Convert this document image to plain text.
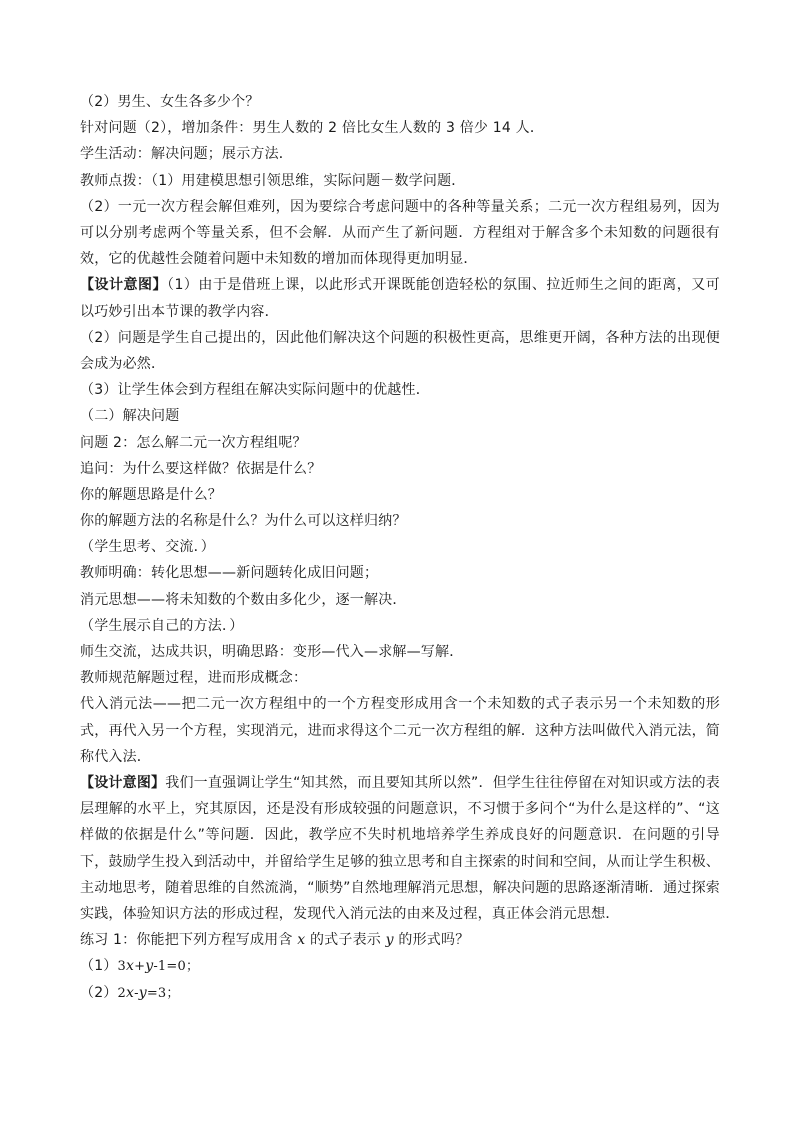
（2）男生、女生各多少个？
针对问题（2），增加条件：男生人数的 2 倍比女生人数的 3 倍少 14 人．
学生活动：解决问题；展示方法．
教师点拨：（1）用建模思想引领思维，实际问题－数学问题．
（2）一元一次方程会解但难列，因为要综合考虑问题中的各种等量关系；二元一次方程组易列，因为可以分别考虑两个等量关系，但不会解．从而产生了新问题．方程组对于解含多个未知数的问题很有效，它的优越性会随着问题中未知数的增加而体现得更加明显．
【设计意图】（1）由于是借班上课，以此形式开课既能创造轻松的氛围、拉近师生之间的距离，又可以巧妙引出本节课的教学内容．
（2）问题是学生自己提出的，因此他们解决这个问题的积极性更高，思维更开阔，各种方法的出现便会成为必然．
（3）让学生体会到方程组在解决实际问题中的优越性．
（二）解决问题
问题 2：怎么解二元一次方程组呢？
追问：为什么要这样做？依据是什么？
你的解题思路是什么？
你的解题方法的名称是什么？为什么可以这样归纳？
（学生思考、交流．）
教师明确：转化思想——新问题转化成旧问题；
消元思想——将未知数的个数由多化少，逐一解决．
（学生展示自己的方法．）
师生交流，达成共识，明确思路：变形—代入—求解—写解．
教师规范解题过程，进而形成概念：
代入消元法——把二元一次方程组中的一个方程变形成用含一个未知数的式子表示另一个未知数的形式，再代入另一个方程，实现消元，进而求得这个二元一次方程组的解．这种方法叫做代入消元法，简称代入法．
【设计意图】我们一直强调让学生“知其然，而且要知其所以然”．但学生往往停留在对知识或方法的表层理解的水平上，究其原因，还是没有形成较强的问题意识，不习惯于多问个“为什么是这样的”、“这样做的依据是什么”等问题．因此，教学应不失时机地培养学生养成良好的问题意识．在问题的引导下，鼓励学生投入到活动中，并留给学生足够的独立思考和自主探索的时间和空间，从而让学生积极、主动地思考，随着思维的自然流淌，“顺势”自然地理解消元思想，解决问题的思路逐渐清晰．通过探索实践，体验知识方法的形成过程，发现代入消元法的由来及过程，真正体会消元思想．
练习 1：你能把下列方程写成用含 x 的式子表示 y 的形式吗？
（1）3x+y-1=0；
（2）2x-y=3；
